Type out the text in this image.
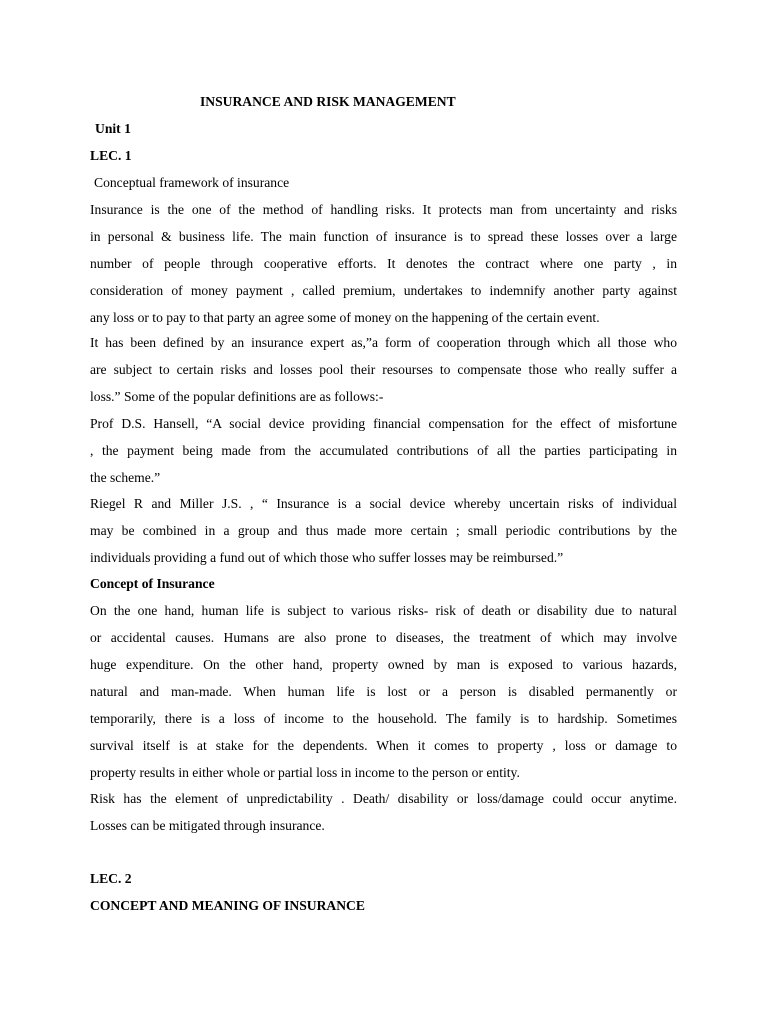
INSURANCE AND RISK MANAGEMENT
Unit 1
LEC. 1
Conceptual framework of insurance
Insurance is the one of the method of handling risks. It protects man from uncertainty and risks
in personal & business life. The main function of insurance is to spread these losses over a large
number of people through cooperative efforts. It denotes the contract where one party , in
consideration of money payment , called premium, undertakes to indemnify another party against
any loss or to pay to that party an agree some of money on the happening of the certain event.
It has been defined by an insurance expert as,”a form of cooperation through which all those who
are subject to certain risks and losses pool their resourses to compensate those who really suffer a
loss.” Some of the popular definitions are as follows:-
Prof D.S. Hansell, “A social device providing financial compensation for the effect of misfortune
, the payment being made from the accumulated contributions of all the parties participating in
the scheme.”
Riegel R and Miller J.S. , “ Insurance is a social device whereby uncertain risks of individual
may be combined in a group and thus made more certain ; small periodic contributions by the
individuals providing a fund out of which those who suffer losses may be reimbursed.”
Concept of Insurance
On the one hand, human life is subject to various risks- risk of death or disability due to natural
or accidental causes. Humans are also prone to diseases, the treatment of which may involve
huge expenditure. On the other hand, property owned by man is exposed to various hazards,
natural and man-made. When human life is lost or a person is disabled permanently or
temporarily, there is a loss of income to the household. The family is to hardship. Sometimes
survival itself is at stake for the dependents. When it comes to property , loss or damage to
property results in either whole or partial loss in income to the person or entity.
Risk has the element of unpredictability . Death/ disability or loss/damage could occur anytime.
Losses can be mitigated through insurance.
LEC. 2
CONCEPT AND MEANING OF INSURANCE
